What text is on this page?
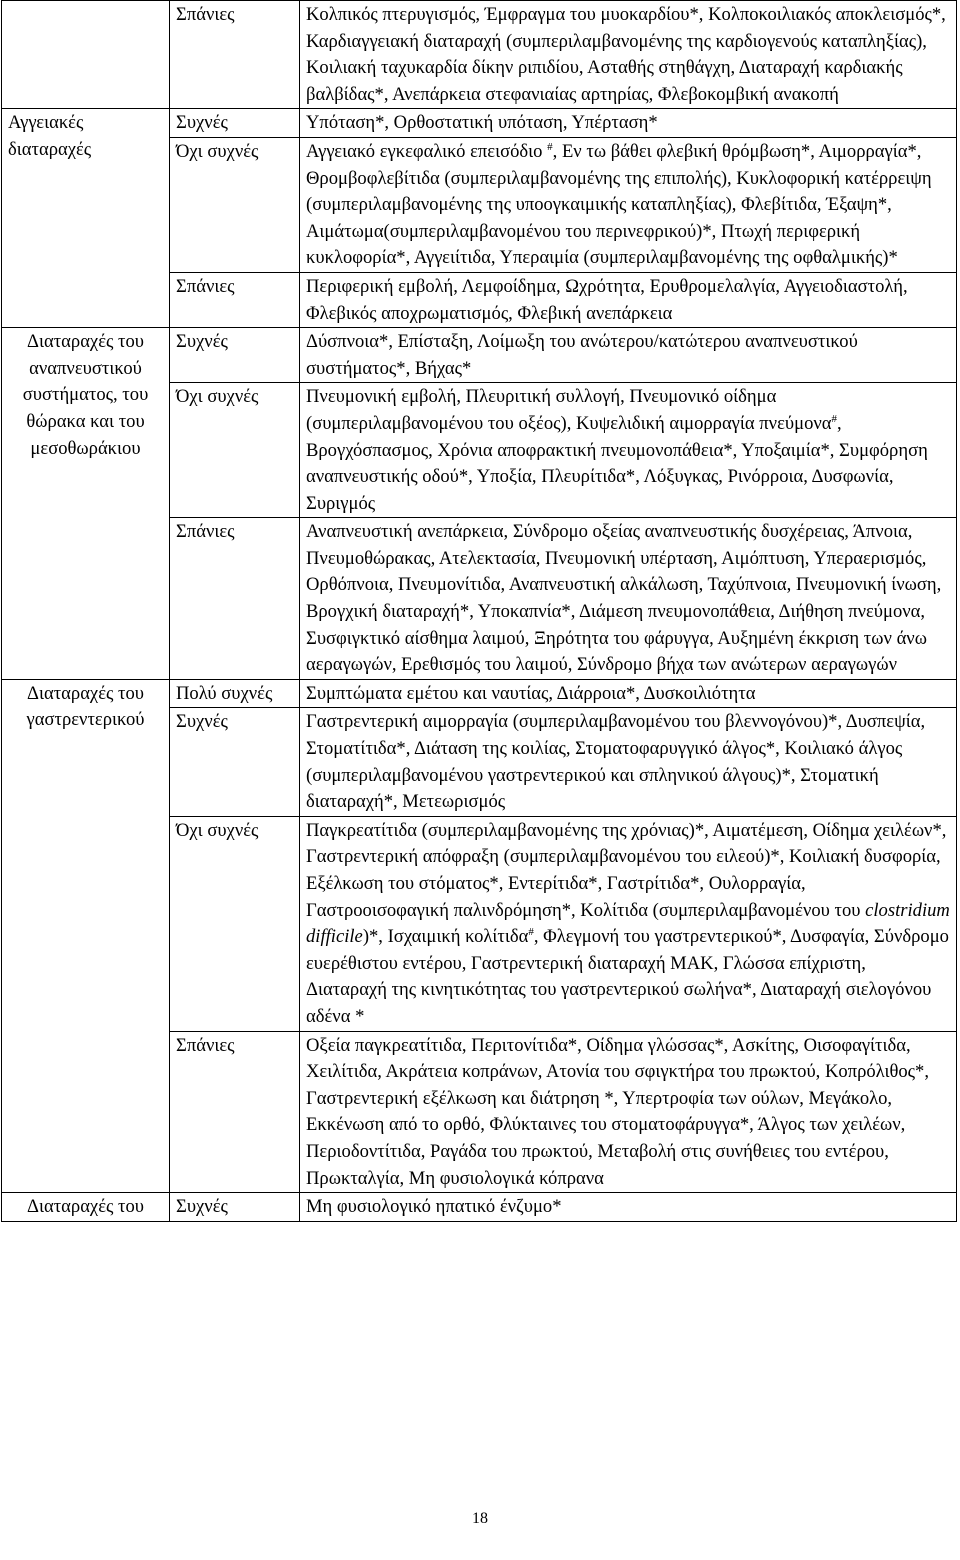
	Σπάνιες	Κολπικός πτερυγισμός, Έμφραγμα του μυοκαρδίου*, Κολποκοιλιακός αποκλεισμός*, Καρδιαγγειακή διαταραχή (συμπεριλαμβανομένης της καρδιογενούς καταπληξίας), Κοιλιακή ταχυκαρδία δίκην ριπιδίου, Ασταθής στηθάγχη, Διαταραχή καρδιακής βαλβίδας*, Ανεπάρκεια στεφανιαίας αρτηρίας, Φλεβοκομβική ανακοπή

Αγγειακές διαταραχές	Συχνές	Υπόταση*, Ορθοστατική υπόταση, Υπέρταση*

	Όχι συχνές	Αγγειακό εγκεφαλικό επεισόδιο #, Εν τω βάθει φλεβική θρόμβωση*, Αιμορραγία*, Θρομβοφλεβίτιδα (συμπεριλαμβανομένης της επιπολής), Κυκλοφορική κατέρρειψη (συμπεριλαμβανομένης της υποογκαιμικής καταπληξίας), Φλεβίτιδα, Έξαψη*, Αιμάτωμα(συμπεριλαμβανομένου του περινεφρικού)*, Πτωχή περιφερική κυκλοφορία*, Αγγειίτιδα, Υπεραιμία (συμπεριλαμβανομένης της οφθαλμικής)*

	Σπάνιες	Περιφερική εμβολή, Λεμφοίδημα, Ωχρότητα, Ερυθρομελαλγία, Αγγειοδιαστολή, Φλεβικός αποχρωματισμός, Φλεβική ανεπάρκεια

Διαταραχές του αναπνευστικού συστήματος, του θώρακα και του μεσοθωράκιου	Συχνές	Δύσπνοια*, Επίσταξη, Λοίμωξη του ανώτερου/κατώτερου αναπνευστικού συστήματος*, Βήχας*

	Όχι συχνές	Πνευμονική εμβολή, Πλευριτική συλλογή, Πνευμονικό οίδημα (συμπεριλαμβανομένου του οξέος), Κυψελιδική αιμορραγία πνεύμονα#, Βρογχόσπασμος, Χρόνια αποφρακτική πνευμονοπάθεια*, Υποξαιμία*, Συμφόρηση αναπνευστικής οδού*, Υποξία, Πλευρίτιδα*, Λόξυγκας, Ρινόρροια, Δυσφωνία, Συριγμός

	Σπάνιες	Αναπνευστική ανεπάρκεια, Σύνδρομο οξείας αναπνευστικής δυσχέρειας, Άπνοια, Πνευμοθώρακας, Ατελεκτασία, Πνευμονική υπέρταση, Αιμόπτυση, Υπεραερισμός, Ορθόπνοια, Πνευμονίτιδα, Αναπνευστική αλκάλωση, Ταχύπνοια, Πνευμονική ίνωση, Βρογχική διαταραχή*, Υποκαπνία*, Διάμεση πνευμονοπάθεια, Διήθηση πνεύμονα, Συσφιγκτικό αίσθημα λαιμού, Ξηρότητα του φάρυγγα, Αυξημένη έκκριση των άνω αεραγωγών, Ερεθισμός του λαιμού, Σύνδρομο βήχα των ανώτερων αεραγωγών

Διαταραχές του γαστρεντερικού	Πολύ συχνές	Συμπτώματα εμέτου και ναυτίας, Διάρροια*, Δυσκοιλιότητα

	Συχνές	Γαστρεντερική αιμορραγία (συμπεριλαμβανομένου του βλεννογόνου)*, Δυσπεψία, Στοματίτιδα*, Διάταση της κοιλίας, Στοματοφαρυγγικό άλγος*, Κοιλιακό άλγος (συμπεριλαμβανομένου γαστρεντερικού και σπληνικού άλγους)*, Στοματική διαταραχή*, Μετεωρισμός

	Όχι συχνές	Παγκρεατίτιδα (συμπεριλαμβανομένης της χρόνιας)*, Αιματέμεση, Οίδημα χειλέων*, Γαστρεντερική απόφραξη (συμπεριλαμβανομένου του ειλεού)*, Κοιλιακή δυσφορία, Εξέλκωση του στόματος*, Εντερίτιδα*, Γαστρίτιδα*, Ουλορραγία, Γαστροοισοφαγική παλινδρόμηση*, Κολίτιδα (συμπεριλαμβανομένου του clostridium difficile)*, Ισχαιμική κολίτιδα#, Φλεγμονή του γαστρεντερικού*, Δυσφαγία, Σύνδρομο ευερέθιστου εντέρου, Γαστρεντερική διαταραχή ΜΑΚ, Γλώσσα επίχριστη, Διαταραχή της κινητικότητας του γαστρεντερικού σωλήνα*, Διαταραχή σιελογόνου αδένα *

	Σπάνιες	Οξεία παγκρεατίτιδα, Περιτονίτιδα*, Οίδημα γλώσσας*, Ασκίτης, Οισοφαγίτιδα, Χειλίτιδα, Ακράτεια κοπράνων, Ατονία του σφιγκτήρα του πρωκτού, Κοπρόλιθος*, Γαστρεντερική εξέλκωση και διάτρηση *, Υπερτροφία των ούλων, Μεγάκολο, Εκκένωση από το ορθό, Φλύκταινες του στοματοφάρυγγα*, Άλγος των χειλέων, Περιοδοντίτιδα, Ραγάδα του πρωκτού, Μεταβολή στις συνήθειες του εντέρου, Πρωκταλγία, Μη φυσιολογικά κόπρανα

Διαταραχές του	Συχνές	Μη φυσιολογικό ηπατικό ένζυμο*
18
